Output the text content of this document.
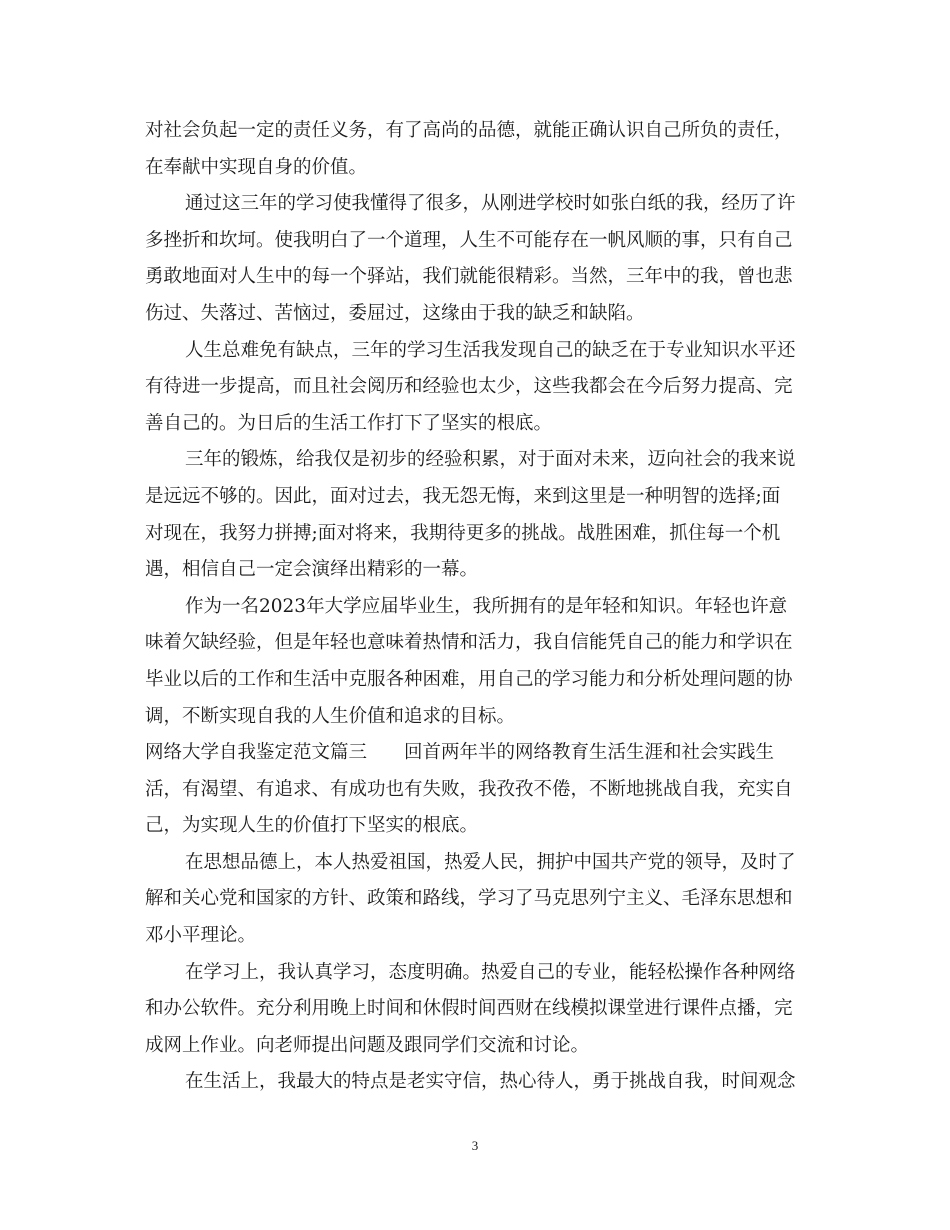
对社会负起一定的责任义务，有了高尚的品德，就能正确认识自己所负的责任，
在奉献中实现自身的价值。
通过这三年的学习使我懂得了很多，从刚进学校时如张白纸的我，经历了许
多挫折和坎坷。使我明白了一个道理，人生不可能存在一帆风顺的事，只有自己
勇敢地面对人生中的每一个驿站，我们就能很精彩。当然，三年中的我，曾也悲
伤过、失落过、苦恼过，委屈过，这缘由于我的缺乏和缺陷。
人生总难免有缺点，三年的学习生活我发现自己的缺乏在于专业知识水平还
有待进一步提高，而且社会阅历和经验也太少，这些我都会在今后努力提高、完
善自己的。为日后的生活工作打下了坚实的根底。
三年的锻炼，给我仅是初步的经验积累，对于面对未来，迈向社会的我来说
是远远不够的。因此，面对过去，我无怨无悔，来到这里是一种明智的选择;面
对现在，我努力拼搏;面对将来，我期待更多的挑战。战胜困难，抓住每一个机
遇，相信自己一定会演绎出精彩的一幕。
作为一名2023年大学应届毕业生，我所拥有的是年轻和知识。年轻也许意
味着欠缺经验，但是年轻也意味着热情和活力，我自信能凭自己的能力和学识在
毕业以后的工作和生活中克服各种困难，用自己的学习能力和分析处理问题的协
调，不断实现自我的人生价值和追求的目标。
网络大学自我鉴定范文篇三　　回首两年半的网络教育生活生涯和社会实践生
活，有渴望、有追求、有成功也有失败，我孜孜不倦，不断地挑战自我，充实自
己，为实现人生的价值打下坚实的根底。
在思想品德上，本人热爱祖国，热爱人民，拥护中国共产党的领导，及时了
解和关心党和国家的方针、政策和路线，学习了马克思列宁主义、毛泽东思想和
邓小平理论。
在学习上，我认真学习，态度明确。热爱自己的专业，能轻松操作各种网络
和办公软件。充分利用晚上时间和休假时间西财在线模拟课堂进行课件点播，完
成网上作业。向老师提出问题及跟同学们交流和讨论。
在生活上，我最大的特点是老实守信，热心待人，勇于挑战自我，时间观念
3
